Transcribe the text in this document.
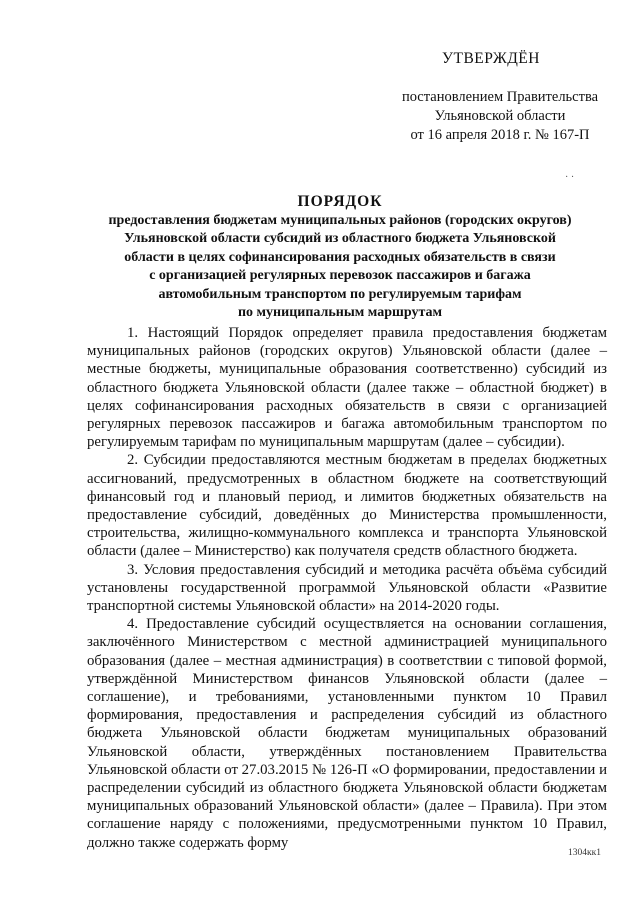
УТВЕРЖДЁН
постановлением Правительства
Ульяновской области
от 16 апреля 2018 г. № 167-П
· ·
ПОРЯДОК
предоставления бюджетам муниципальных районов (городских округов)
Ульяновской области субсидий из областного бюджета Ульяновской
области в целях софинансирования расходных обязательств в связи
с организацией регулярных перевозок пассажиров и багажа
автомобильным транспортом по регулируемым тарифам
по муниципальным маршрутам

1. Настоящий Порядок определяет правила предоставления бюджетам муниципальных районов (городских округов) Ульяновской области (далее – местные бюджеты, муниципальные образования соответственно) субсидий из областного бюджета Ульяновской области (далее также – областной бюджет) в целях софинансирования расходных обязательств в связи с организацией регулярных перевозок пассажиров и багажа автомобильным транспортом по регулируемым тарифам по муниципальным маршрутам (далее – субсидии).

2. Субсидии предоставляются местным бюджетам в пределах бюджетных ассигнований, предусмотренных в областном бюджете на соответствующий финансовый год и плановый период, и лимитов бюджетных обязательств на предоставление субсидий, доведённых до Министерства промышленности, строительства, жилищно-коммунального комплекса и транспорта Ульяновской области (далее – Министерство) как получателя средств областного бюджета.

3. Условия предоставления субсидий и методика расчёта объёма субсидий установлены государственной программой Ульяновской области «Развитие транспортной системы Ульяновской области» на 2014-2020 годы.

4. Предоставление субсидий осуществляется на основании соглашения, заключённого Министерством с местной администрацией муниципального образования (далее – местная администрация) в соответствии с типовой формой, утверждённой Министерством финансов Ульяновской области (далее – соглашение), и требованиями, установленными пунктом 10 Правил формирования, предоставления и распределения субсидий из областного бюджета Ульяновской области бюджетам муниципальных образований Ульяновской области, утверждённых постановлением Правительства Ульяновской области от 27.03.2015 № 126-П «О формировании, предоставлении и распределении субсидий из областного бюджета Ульяновской области бюджетам муниципальных образований Ульяновской области» (далее – Правила). При этом соглашение наряду с положениями, предусмотренными пунктом 10 Правил, должно также содержать форму

1304кк1
